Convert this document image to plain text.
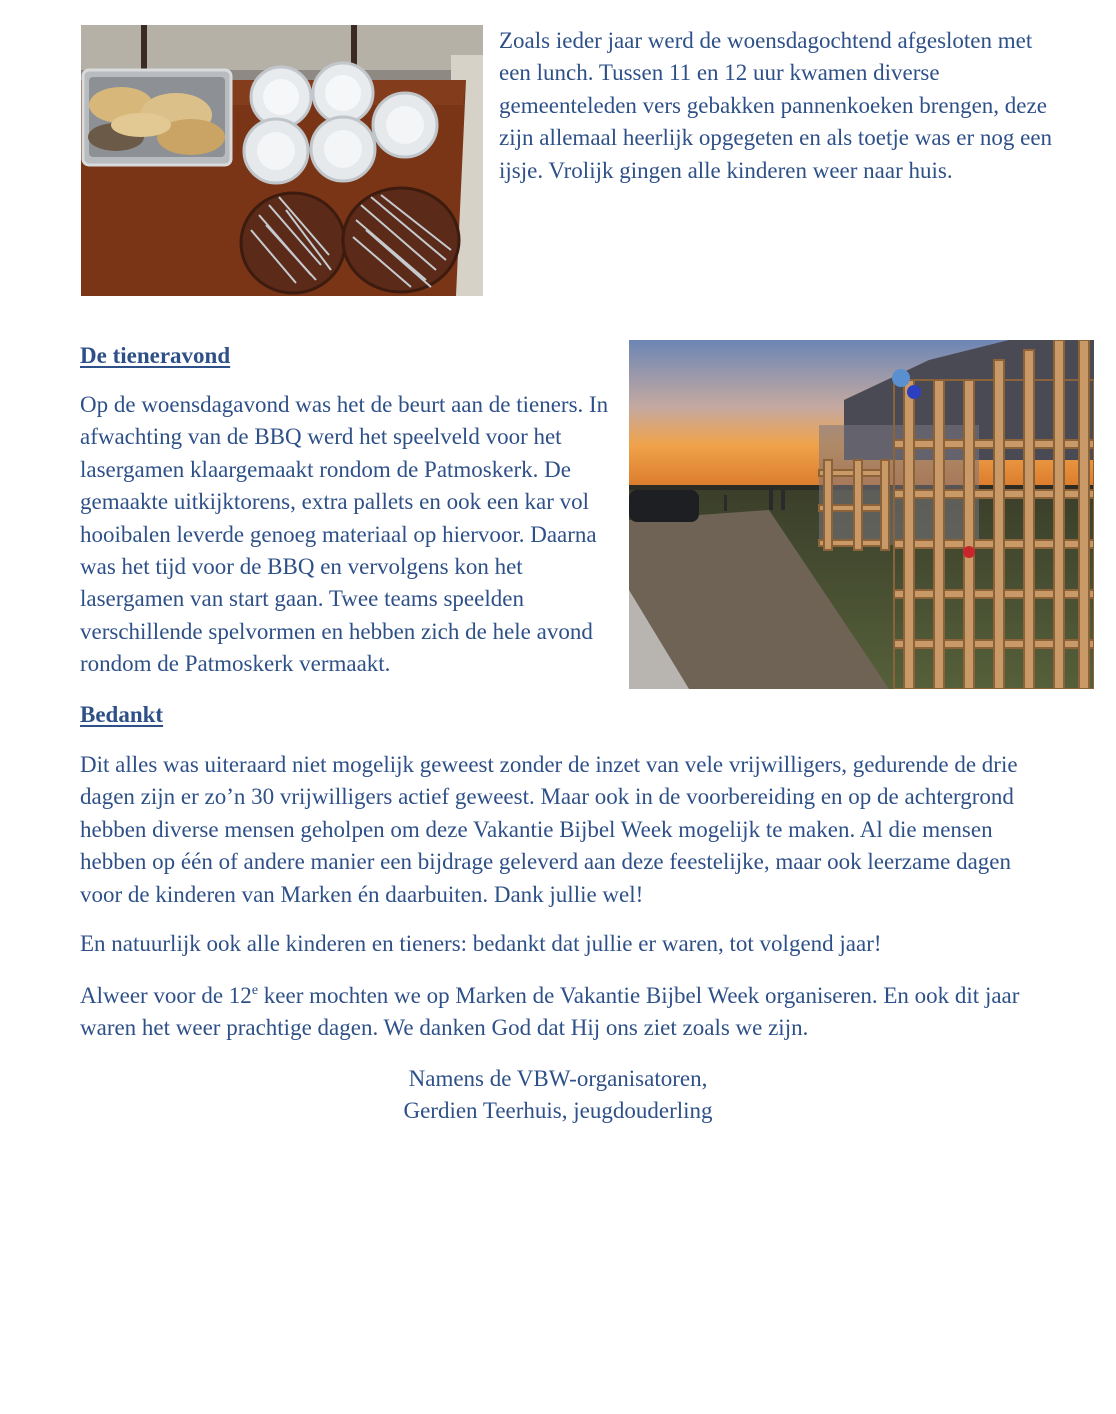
Zoals ieder jaar werd de woensdagochtend afgesloten met een lunch. Tussen 11 en 12 uur kwamen diverse gemeenteleden vers gebakken pannenkoeken brengen, deze zijn allemaal heerlijk opgegeten en als toetje was er nog een ijsje. Vrolijk gingen alle kinderen weer naar huis.

De tieneravond

Op de woensdagavond was het de beurt aan de tieners. In afwachting van de BBQ werd het speelveld voor het lasergamen klaargemaakt rondom de Patmoskerk. De gemaakte uitkijktorens, extra pallets en ook een kar vol hooibalen leverde genoeg materiaal op hiervoor. Daarna was het tijd voor de BBQ en vervolgens kon het lasergamen van start gaan. Twee teams speelden verschillende spelvormen en hebben zich de hele avond rondom de Patmoskerk vermaakt.

Bedankt

Dit alles was uiteraard niet mogelijk geweest zonder de inzet van vele vrijwilligers, gedurende de drie dagen zijn er zo’n 30 vrijwilligers actief geweest. Maar ook in de voorbereiding en op de achtergrond hebben diverse mensen geholpen om deze Vakantie Bijbel Week mogelijk te maken. Al die mensen hebben op één of andere manier een bijdrage geleverd aan deze feestelijke, maar ook leerzame dagen voor de kinderen van Marken én daarbuiten. Dank jullie wel!

En natuurlijk ook alle kinderen en tieners: bedankt dat jullie er waren, tot volgend jaar!

Alweer voor de 12e keer mochten we op Marken de Vakantie Bijbel Week organiseren. En ook dit jaar waren het weer prachtige dagen. We danken God dat Hij ons ziet zoals we zijn.

Namens de VBW-organisatoren,
Gerdien Teerhuis, jeugdouderling
